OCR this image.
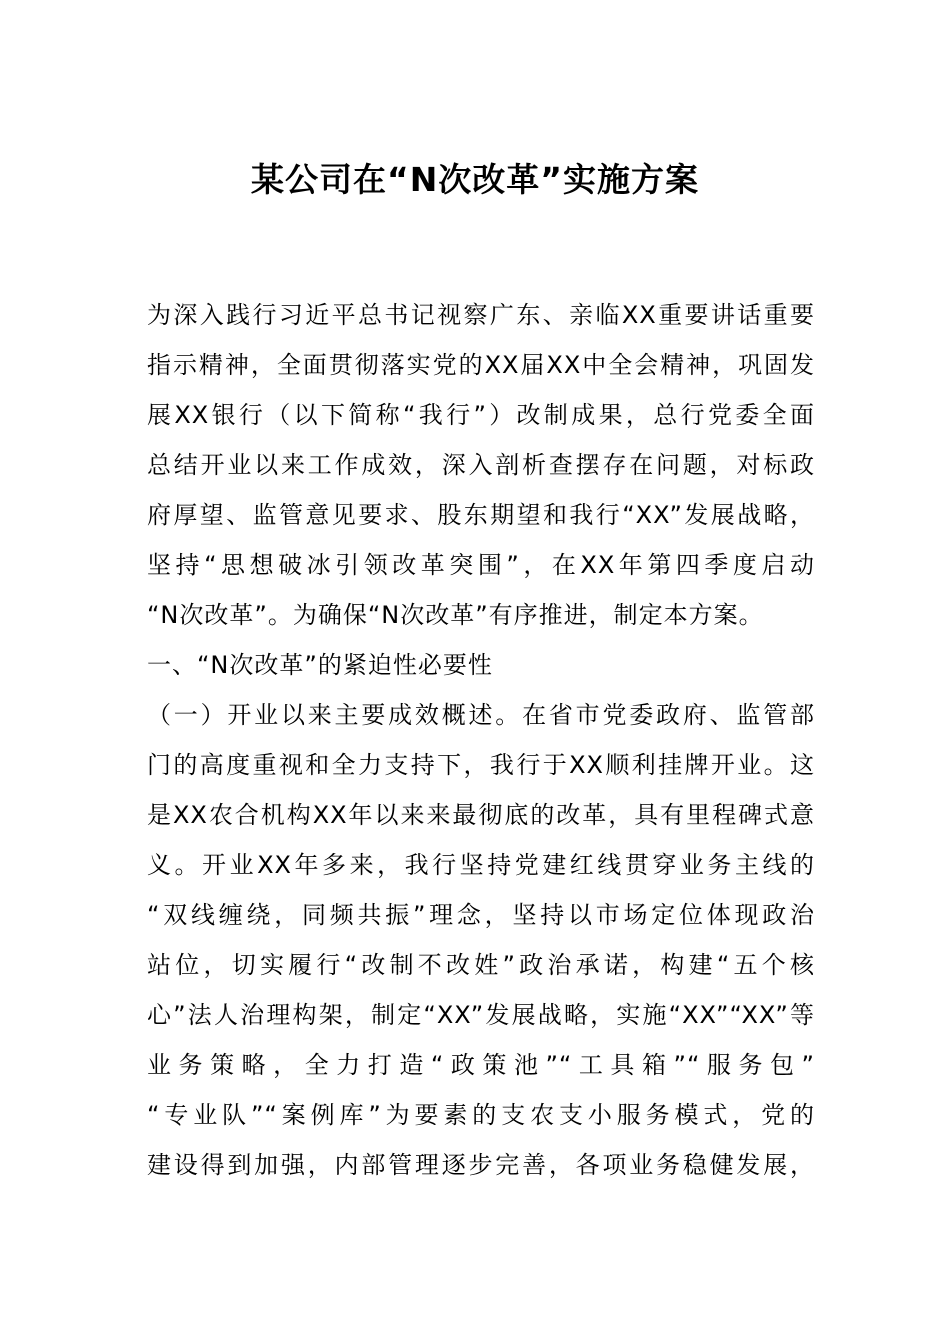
某公司在“N次改革”实施方案
为深入践行习近平总书记视察广东、亲临XX重要讲话重要
指示精神，全面贯彻落实党的XX届XX中全会精神，巩固发
展XX银行（以下简称“我行”）改制成果，总行党委全面
总结开业以来工作成效，深入剖析查摆存在问题，对标政
府厚望、监管意见要求、股东期望和我行“XX”发展战略，
坚持“思想破冰引领改革突围”，在XX年第四季度启动
“N次改革”。为确保“N次改革”有序推进，制定本方案。
一、“N次改革”的紧迫性必要性
（一）开业以来主要成效概述。在省市党委政府、监管部
门的高度重视和全力支持下，我行于XX顺利挂牌开业。这
是XX农合机构XX年以来来最彻底的改革，具有里程碑式意
义。开业XX年多来，我行坚持党建红线贯穿业务主线的
“双线缠绕，同频共振”理念，坚持以市场定位体现政治
站位，切实履行“改制不改姓”政治承诺，构建“五个核
心”法人治理构架，制定“XX”发展战略，实施“XX”“XX”等
业务策略，全力打造“政策池”“工具箱”“服务包”
“专业队”“案例库”为要素的支农支小服务模式，党的
建设得到加强，内部管理逐步完善，各项业务稳健发展，
